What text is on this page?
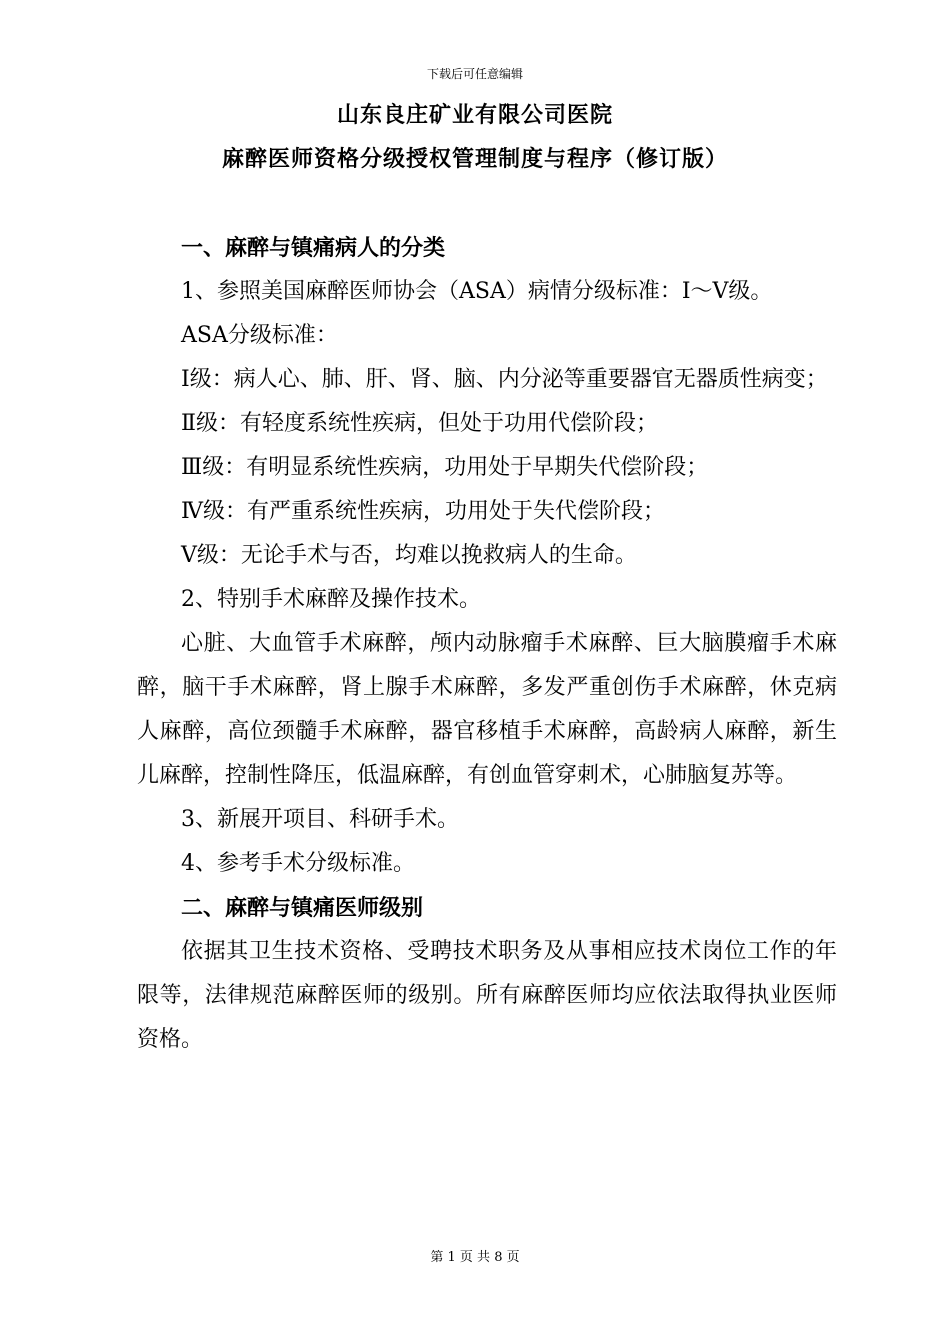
下载后可任意编辑
山东良庄矿业有限公司医院
麻醉医师资格分级授权管理制度与程序（修订版）

一、麻醉与镇痛病人的分类

1、参照美国麻醉医师协会（ASA）病情分级标准：Ⅰ～Ⅴ级。

ASA分级标准：

Ⅰ级：病人心、肺、肝、肾、脑、内分泌等重要器官无器质性病变；

Ⅱ级：有轻度系统性疾病，但处于功用代偿阶段；

Ⅲ级：有明显系统性疾病，功用处于早期失代偿阶段；

Ⅳ级：有严重系统性疾病，功用处于失代偿阶段；

Ⅴ级：无论手术与否，均难以挽救病人的生命。

2、特别手术麻醉及操作技术。

心脏、大血管手术麻醉，颅内动脉瘤手术麻醉、巨大脑膜瘤手术麻醉，脑干手术麻醉，肾上腺手术麻醉，多发严重创伤手术麻醉，休克病人麻醉，高位颈髓手术麻醉，器官移植手术麻醉，高龄病人麻醉，新生儿麻醉，控制性降压，低温麻醉，有创血管穿刺术，心肺脑复苏等。

3、新展开项目、科研手术。

4、参考手术分级标准。

二、麻醉与镇痛医师级别

依据其卫生技术资格、受聘技术职务及从事相应技术岗位工作的年限等，法律规范麻醉医师的级别。所有麻醉医师均应依法取得执业医师资格。

第 1 页 共 8 页
